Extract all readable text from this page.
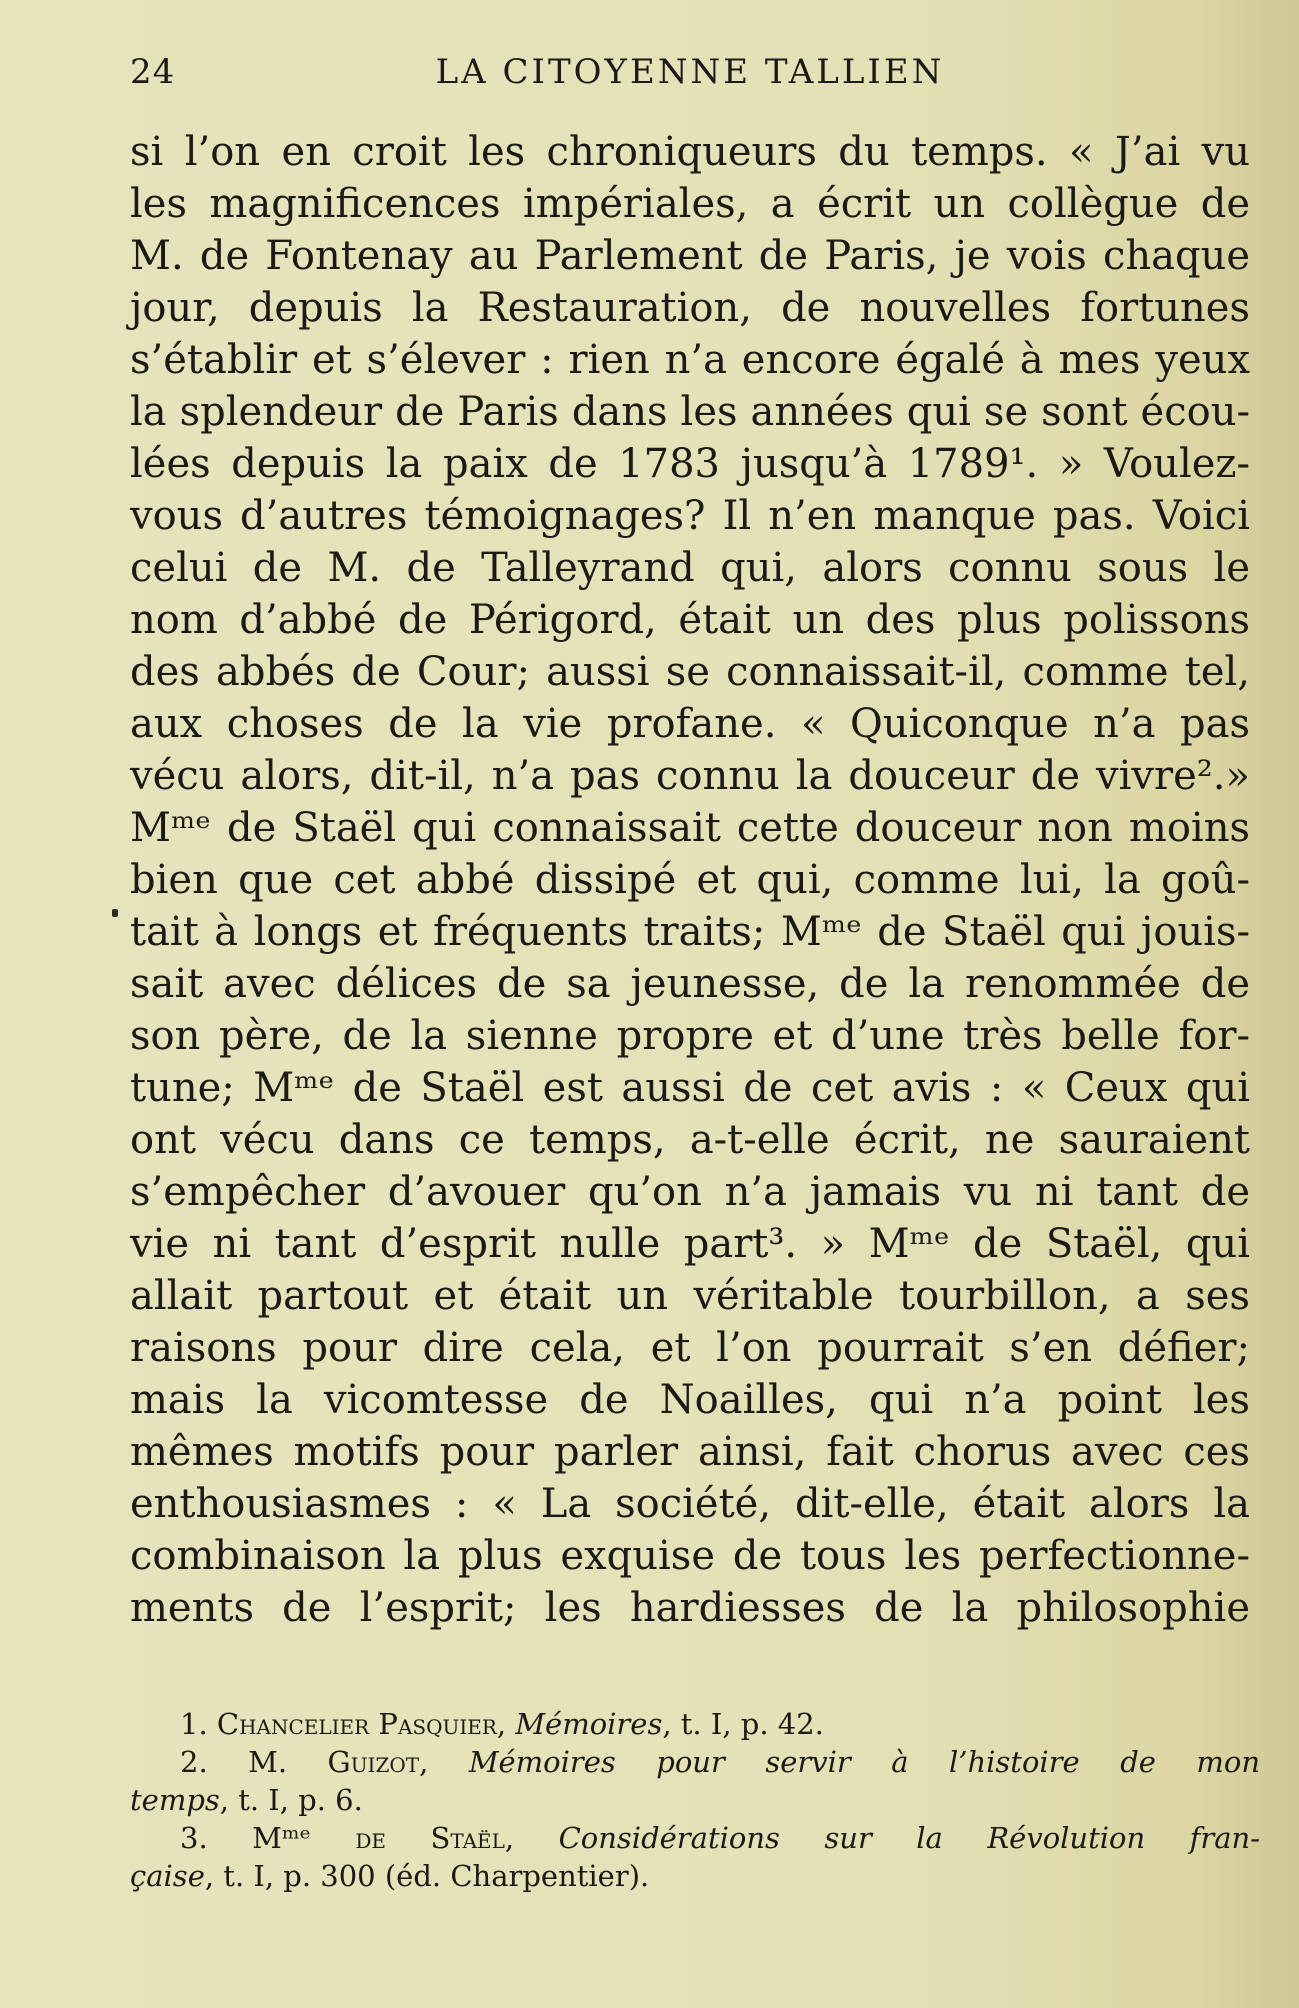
24	LA CITOYENNE TALLIEN
si l’on en croit les chroniqueurs du temps. « J’ai vu
les magnificences impériales, a écrit un collègue de
M. de Fontenay au Parlement de Paris, je vois chaque
jour, depuis la Restauration, de nouvelles fortunes
s’établir et s’élever : rien n’a encore égalé à mes yeux
la splendeur de Paris dans les années qui se sont écou-
lées depuis la paix de 1783 jusqu’à 1789¹. » Voulez-
vous d’autres témoignages? Il n’en manque pas. Voici
celui de M. de Talleyrand qui, alors connu sous le
nom d’abbé de Périgord, était un des plus polissons
des abbés de Cour; aussi se connaissait-il, comme tel,
aux choses de la vie profane. « Quiconque n’a pas
vécu alors, dit-il, n’a pas connu la douceur de vivre².»
Mᵐᵉ de Staël qui connaissait cette douceur non moins
bien que cet abbé dissipé et qui, comme lui, la goû-
tait à longs et fréquents traits; Mᵐᵉ de Staël qui jouis-
sait avec délices de sa jeunesse, de la renommée de
son père, de la sienne propre et d’une très belle for-
tune; Mᵐᵉ de Staël est aussi de cet avis : « Ceux qui
ont vécu dans ce temps, a-t-elle écrit, ne sauraient
s’empêcher d’avouer qu’on n’a jamais vu ni tant de
vie ni tant d’esprit nulle part³. » Mᵐᵉ de Staël, qui
allait partout et était un véritable tourbillon, a ses
raisons pour dire cela, et l’on pourrait s’en défier;
mais la vicomtesse de Noailles, qui n’a point les
mêmes motifs pour parler ainsi, fait chorus avec ces
enthousiasmes : « La société, dit-elle, était alors la
combinaison la plus exquise de tous les perfectionne-
ments de l’esprit; les hardiesses de la philosophie
1. Chancelier Pasquier, Mémoires, t. I, p. 42.
2. M. Guizot, Mémoires pour servir à l’histoire de mon
temps, t. I, p. 6.
3. Mᵐᵉ de Staël, Considérations sur la Révolution fran-
çaise, t. I, p. 300 (éd. Charpentier).
